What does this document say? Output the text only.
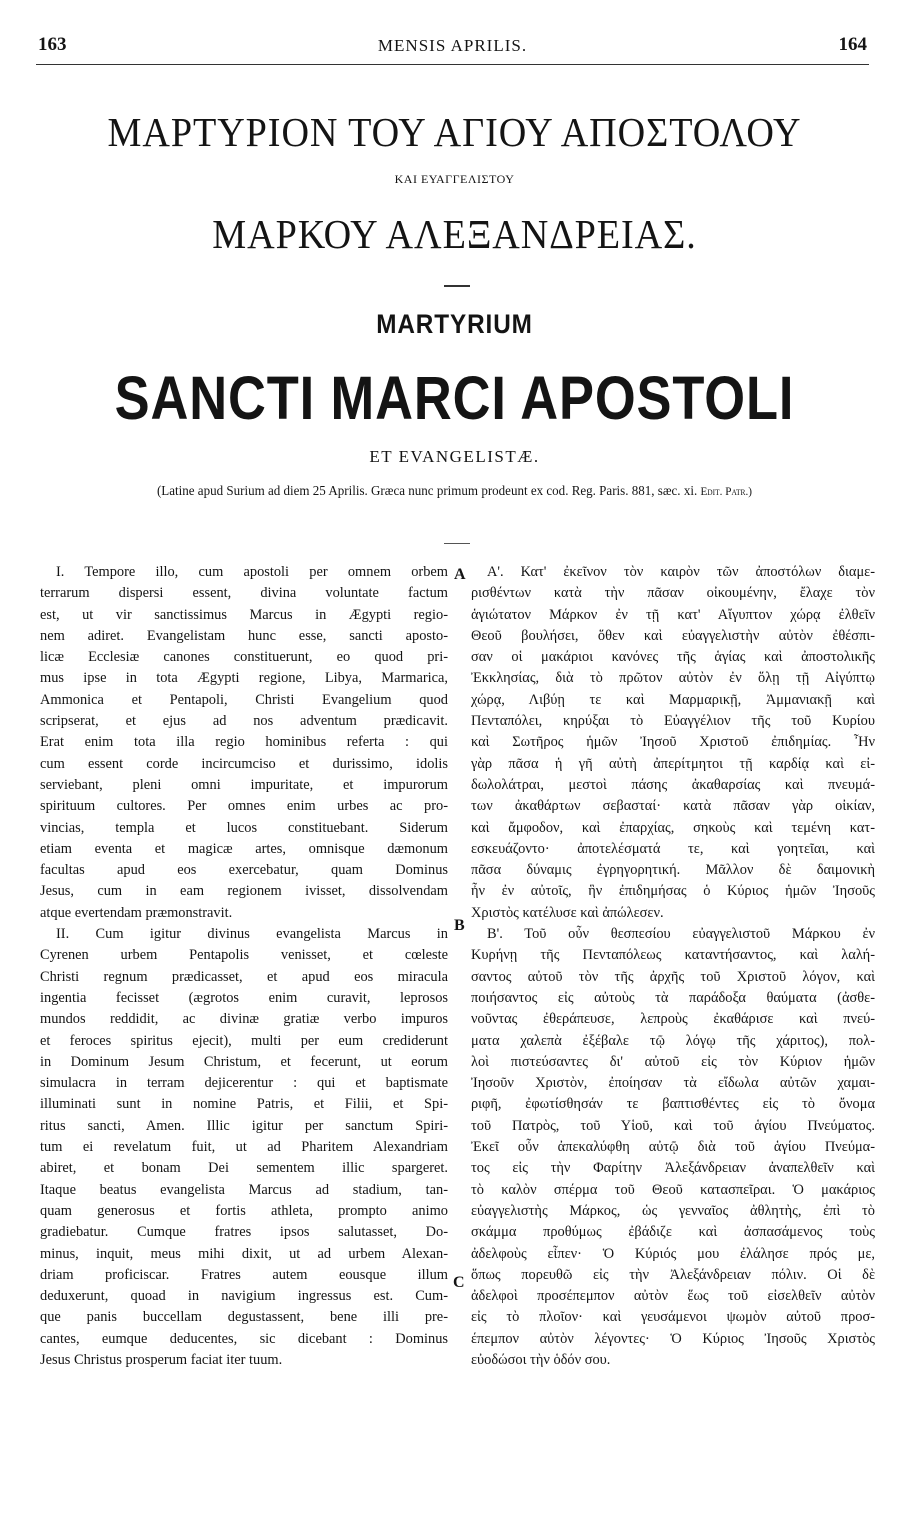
163	MENSIS APRILIS.	164
ΜΑΡΤΥΡΙΟΝ ΤΟΥ ΑΓΙΟΥ ΑΠΟΣΤΟΛΟΥ
ΚΑΙ ΕΥΑΓΓΕΛΙΣΤΟΥ
ΜΑΡΚΟΥ ΑΛΕΞΑΝΔΡΕΙΑΣ.
MARTYRIUM
SANCTI MARCI APOSTOLI
ET EVANGELISTÆ.
(Latine apud Surium ad diem 25 Aprilis. Græca nunc primum prodeunt ex cod. Reg. Paris. 881, sæc. xi. Edit. Patr.)
I. Tempore illo, cum apostoli per omnem orbem
terrarum dispersi essent, divina voluntate factum
est, ut vir sanctissimus Marcus in Ægypti regio-
nem adiret. Evangelistam hunc esse, sancti aposto-
licæ Ecclesiæ canones constituerunt, eo quod pri-
mus ipse in tota Ægypti regione, Libya, Marmarica,
Ammonica et Pentapoli, Christi Evangelium quod
scripserat, et ejus ad nos adventum prædicavit.
Erat enim tota illa regio hominibus referta : qui
cum essent corde incircumciso et durissimo, idolis
serviebant, pleni omni impuritate, et impurorum
spirituum cultores. Per omnes enim urbes ac pro-
vincias, templa et lucos constituebant. Siderum
etiam eventa et magicæ artes, omnisque dæmonum
facultas apud eos exercebatur, quam Dominus
Jesus, cum in eam regionem ivisset, dissolvendam
atque evertendam præmonstravit.
II. Cum igitur divinus evangelista Marcus in
Cyrenen urbem Pentapolis venisset, et cœleste
Christi regnum prædicasset, et apud eos miracula
ingentia fecisset (ægrotos enim curavit, leprosos
mundos reddidit, ac divinæ gratiæ verbo impuros
et feroces spiritus ejecit), multi per eum crediderunt
in Dominum Jesum Christum, et fecerunt, ut eorum
simulacra in terram dejicerentur : qui et baptismate
illuminati sunt in nomine Patris, et Filii, et Spi-
ritus sancti, Amen. Illic igitur per sanctum Spiri-
tum ei revelatum fuit, ut ad Pharitem Alexandriam
abiret, et bonam Dei sementem illic spargeret.
Itaque beatus evangelista Marcus ad stadium, tan-
quam generosus et fortis athleta, prompto animo
gradiebatur. Cumque fratres ipsos salutasset, Do-
minus, inquit, meus mihi dixit, ut ad urbem Alexan-
driam proficiscar. Fratres autem eousque illum
deduxerunt, quoad in navigium ingressus est. Cum-
que panis buccellam degustassent, bene illi pre-
cantes, eumque deducentes, sic dicebant : Dominus
Jesus Christus prosperum faciat iter tuum.
Α'. Κατ' ἐκεῖνον τὸν καιρὸν τῶν ἀποστόλων διαμε-
ρισθέντων κατὰ τὴν πᾶσαν οἰκουμένην, ἔλαχε τὸν
ἁγιώτατον Μάρκον ἐν τῇ κατ' Αἴγυπτον χώρᾳ ἐλθεῖν
Θεοῦ βουλήσει, ὅθεν καὶ εὐαγγελιστὴν αὐτὸν ἐθέσπι-
σαν οἱ μακάριοι κανόνες τῆς ἁγίας καὶ ἀποστολικῆς
Ἐκκλησίας, διὰ τὸ πρῶτον αὐτὸν ἐν ὅλῃ τῇ Αἰγύπτῳ
χώρᾳ, Λιβύῃ τε καὶ Μαρμαρικῇ, Ἀμμανιακῇ καὶ
Πενταπόλει, κηρύξαι τὸ Εὐαγγέλιον τῆς τοῦ Κυρίου
καὶ Σωτῆρος ἡμῶν Ἰησοῦ Χριστοῦ ἐπιδημίας. Ἦν
γὰρ πᾶσα ἡ γῆ αὐτὴ ἀπερίτμητοι τῇ καρδίᾳ καὶ εἰ-
δωλολάτραι, μεστοὶ πάσης ἀκαθαρσίας καὶ πνευμά-
των ἀκαθάρτων σεβασταί· κατὰ πᾶσαν γὰρ οἰκίαν,
καὶ ἄμφοδον, καὶ ἐπαρχίας, σηκοὺς καὶ τεμένη κατ-
εσκευάζοντο· ἀποτελέσματά τε, καὶ γοητεῖαι, καὶ
πᾶσα δύναμις ἐγρηγορητική. Μᾶλλον δὲ δαιμονικὴ
ἦν ἐν αὐτοῖς, ἣν ἐπιδημήσας ὁ Κύριος ἡμῶν Ἰησοῦς
Χριστὸς κατέλυσε καὶ ἀπώλεσεν.
Β'. Τοῦ οὖν θεσπεσίου εὐαγγελιστοῦ Μάρκου ἐν
Κυρήνῃ τῆς Πενταπόλεως καταντήσαντος, καὶ λαλή-
σαντος αὐτοῦ τὸν τῆς ἀρχῆς τοῦ Χριστοῦ λόγον, καὶ
ποιήσαντος εἰς αὐτοὺς τὰ παράδοξα θαύματα (ἀσθε-
νοῦντας ἐθεράπευσε, λεπροὺς ἐκαθάρισε καὶ πνεύ-
ματα χαλεπὰ ἐξέβαλε τῷ λόγῳ τῆς χάριτος), πολ-
λοὶ πιστεύσαντες δι' αὐτοῦ εἰς τὸν Κύριον ἡμῶν
Ἰησοῦν Χριστὸν, ἐποίησαν τὰ εἴδωλα αὐτῶν χαμαι-
ριφῆ, ἐφωτίσθησάν τε βαπτισθέντες εἰς τὸ ὄνομα
τοῦ Πατρὸς, τοῦ Υἱοῦ, καὶ τοῦ ἁγίου Πνεύματος.
Ἐκεῖ οὖν ἀπεκαλύφθη αὐτῷ διὰ τοῦ ἁγίου Πνεύμα-
τος εἰς τὴν Φαρίτην Ἀλεξάνδρειαν ἀναπελθεῖν καὶ
τὸ καλὸν σπέρμα τοῦ Θεοῦ κατασπεῖραι. Ὁ μακάριος
εὐαγγελιστὴς Μάρκος, ὡς γενναῖος ἀθλητὴς, ἐπὶ τὸ
σκάμμα προθύμως ἐβάδιζε καὶ ἀσπασάμενος τοὺς
ἀδελφοὺς εἶπεν· Ὁ Κύριός μου ἐλάλησε πρός με,
ὅπως πορευθῶ εἰς τὴν Ἀλεξάνδρειαν πόλιν. Οἱ δὲ
ἀδελφοὶ προσέπεμπον αὐτὸν ἕως τοῦ εἰσελθεῖν αὐτὸν
εἰς τὸ πλοῖον· καὶ γευσάμενοι ψωμὸν αὐτοῦ προσ-
έπεμπον αὐτὸν λέγοντες· Ὁ Κύριος Ἰησοῦς Χριστὸς
εὐοδώσοι τὴν ὁδόν σου.
A
B
C
